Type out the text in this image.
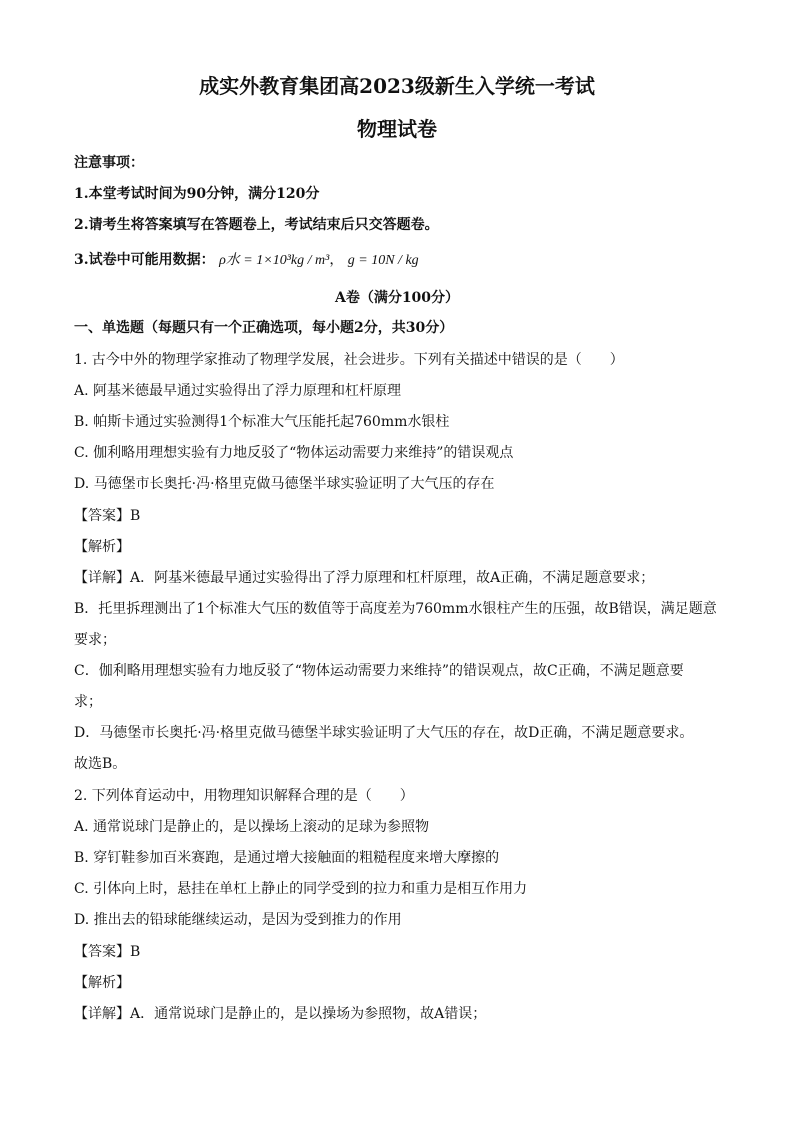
成实外教育集团高2023级新生入学统一考试
物理试卷
注意事项：
1.本堂考试时间为90分钟，满分120分
2.请考生将答案填写在答题卷上，考试结束后只交答题卷。
3.试卷中可能用数据： ρ水 = 1×10³kg / m³， g = 10N / kg
A卷（满分100分）
一、单选题（每题只有一个正确选项，每小题2分，共30分）
1. 古今中外的物理学家推动了物理学发展，社会进步。下列有关描述中错误的是（　　）
A. 阿基米德最早通过实验得出了浮力原理和杠杆原理
B. 帕斯卡通过实验测得1个标准大气压能托起760mm水银柱
C. 伽利略用理想实验有力地反驳了“物体运动需要力来维持”的错误观点
D. 马德堡市长奥托·冯·格里克做马德堡半球实验证明了大气压的存在
【答案】B
【解析】
【详解】A．阿基米德最早通过实验得出了浮力原理和杠杆原理，故A正确，不满足题意要求；
B．托里拆理测出了1个标准大气压的数值等于高度差为760mm水银柱产生的压强，故B错误，满足题意
要求；
C．伽利略用理想实验有力地反驳了“物体运动需要力来维持”的错误观点，故C正确，不满足题意要
求；
D．马德堡市长奥托·冯·格里克做马德堡半球实验证明了大气压的存在，故D正确，不满足题意要求。
故选B。
2. 下列体育运动中，用物理知识解释合理的是（　　）
A. 通常说球门是静止的，是以操场上滚动的足球为参照物
B. 穿钉鞋参加百米赛跑，是通过增大接触面的粗糙程度来增大摩擦的
C. 引体向上时，悬挂在单杠上静止的同学受到的拉力和重力是相互作用力
D. 推出去的铅球能继续运动，是因为受到推力的作用
【答案】B
【解析】
【详解】A．通常说球门是静止的，是以操场为参照物，故A错误；
